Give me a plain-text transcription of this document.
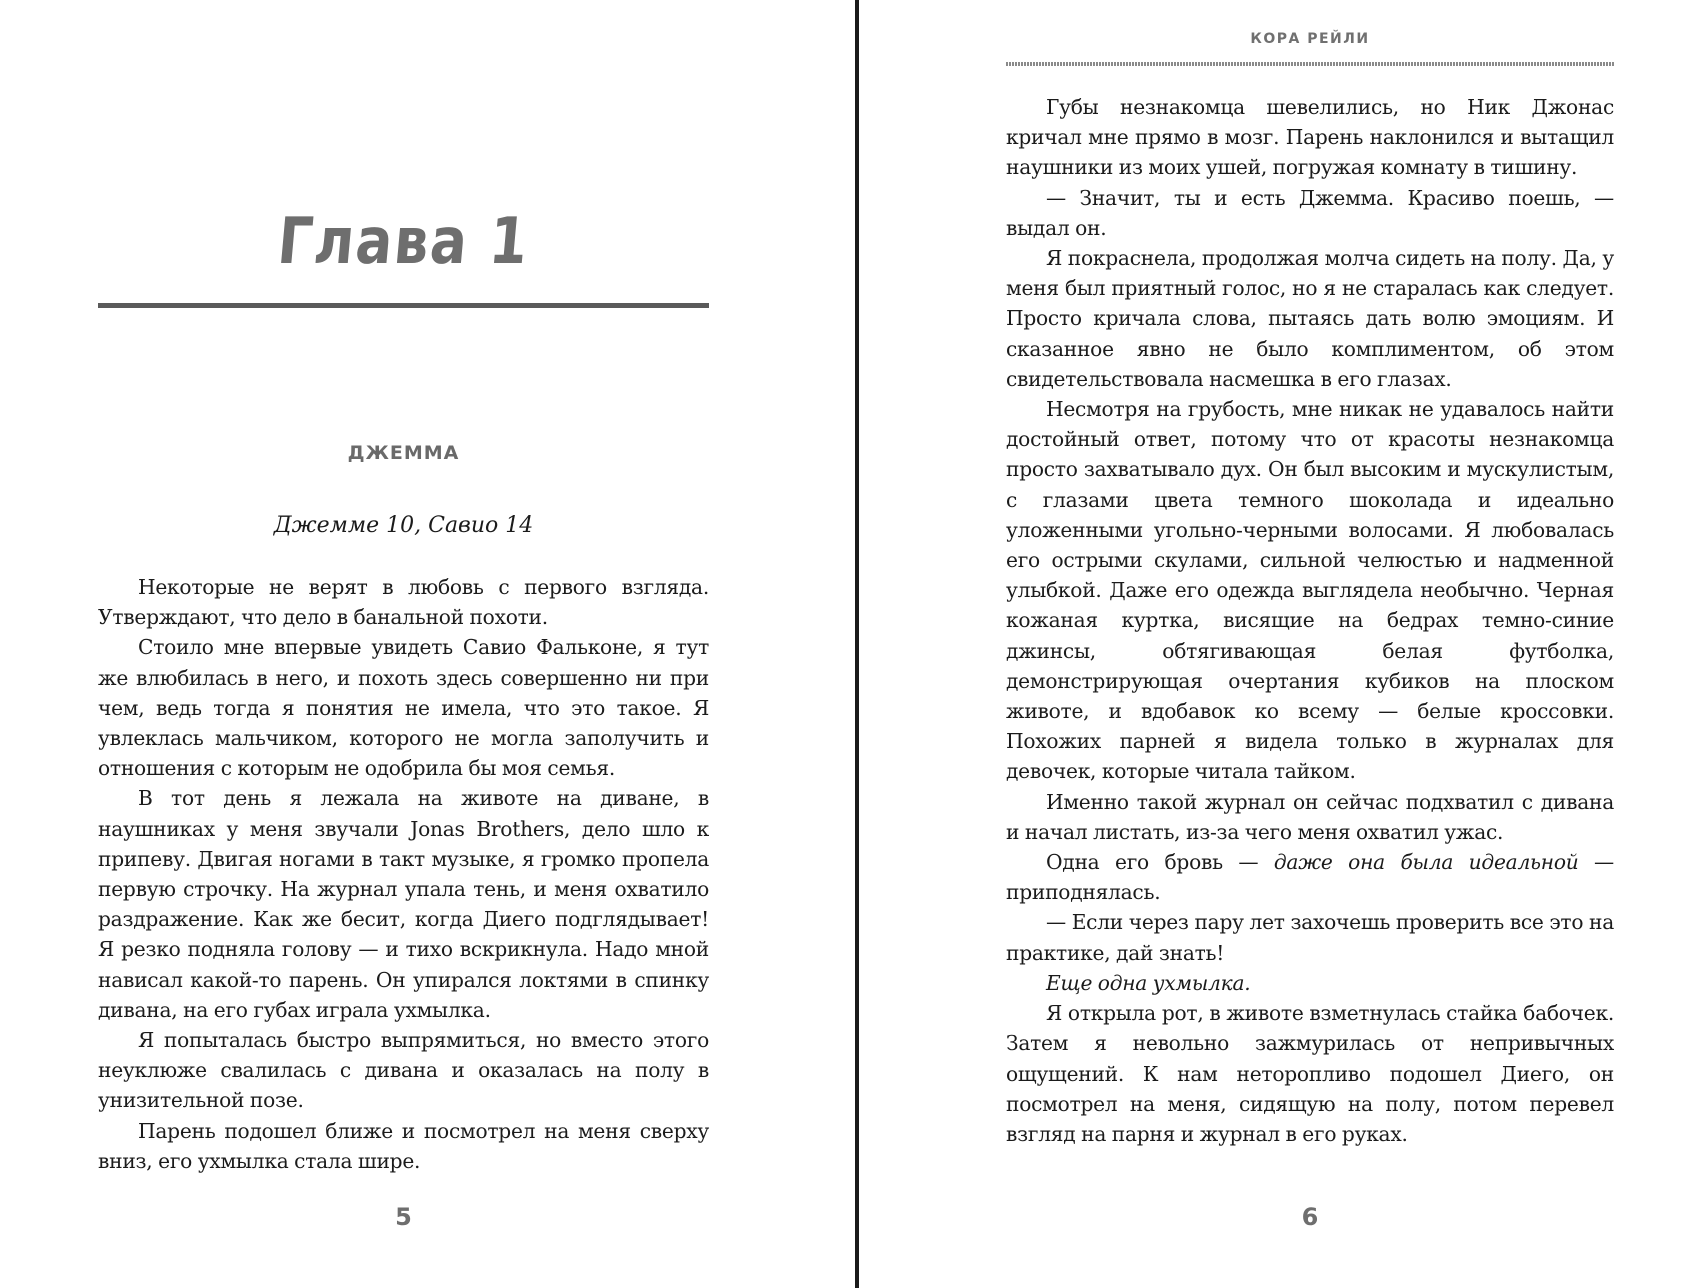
Глава 1
ДЖЕММА
Джемме 10, Савио 14

Некоторые не верят в любовь с первого взгляда. Утверждают, что дело в банальной похоти.

Стоило мне впервые увидеть Савио Фальконе, я тут же влюбилась в него, и похоть здесь совершенно ни при чем, ведь тогда я понятия не имела, что это такое. Я увлеклась мальчиком, которого не могла заполучить и отношения с которым не одобрила бы моя семья.

В тот день я лежала на животе на диване, в наушниках у меня звучали Jonas Brothers, дело шло к припеву. Двигая ногами в такт музыке, я громко пропела первую строчку. На журнал упала тень, и меня охватило раздражение. Как же бесит, когда Диего подглядывает! Я резко подняла голову — и тихо вскрикнула. Надо мной нависал какой-то парень. Он упирался локтями в спинку дивана, на его губах играла ухмылка.

Я попыталась быстро выпрямиться, но вместо этого неуклюже свалилась с дивана и оказалась на полу в унизительной позе.

Парень подошел ближе и посмотрел на меня сверху вниз, его ухмылка стала шире.

5
КОРА РЕЙЛИ

Губы незнакомца шевелились, но Ник Джонас кричал мне прямо в мозг. Парень наклонился и вытащил наушники из моих ушей, погружая комнату в тишину.

— Значит, ты и есть Джемма. Красиво поешь, — выдал он.

Я покраснела, продолжая молча сидеть на полу. Да, у меня был приятный голос, но я не старалась как следует. Просто кричала слова, пытаясь дать волю эмоциям. И сказанное явно не было комплиментом, об этом свидетельствовала насмешка в его глазах.

Несмотря на грубость, мне никак не удавалось найти достойный ответ, потому что от красоты незнакомца просто захватывало дух. Он был высоким и мускулистым, с глазами цвета темного шоколада и идеально уложенными угольно-черными волосами. Я любовалась его острыми скулами, сильной челюстью и надменной улыбкой. Даже его одежда выглядела необычно. Черная кожаная куртка, висящие на бедрах темно-синие джинсы, обтягивающая белая футболка, демонстрирующая очертания кубиков на плоском животе, и вдобавок ко всему — белые кроссовки. Похожих парней я видела только в журналах для девочек, которые читала тайком.

Именно такой журнал он сейчас подхватил с дивана и начал листать, из-за чего меня охватил ужас.

Одна его бровь — даже она была идеальной — приподнялась.

— Если через пару лет захочешь проверить все это на практике, дай знать!

Еще одна ухмылка.

Я открыла рот, в животе взметнулась стайка бабочек. Затем я невольно зажмурилась от непривычных ощущений. К нам неторопливо подошел Диего, он посмотрел на меня, сидящую на полу, потом перевел взгляд на парня и журнал в его руках.

6
